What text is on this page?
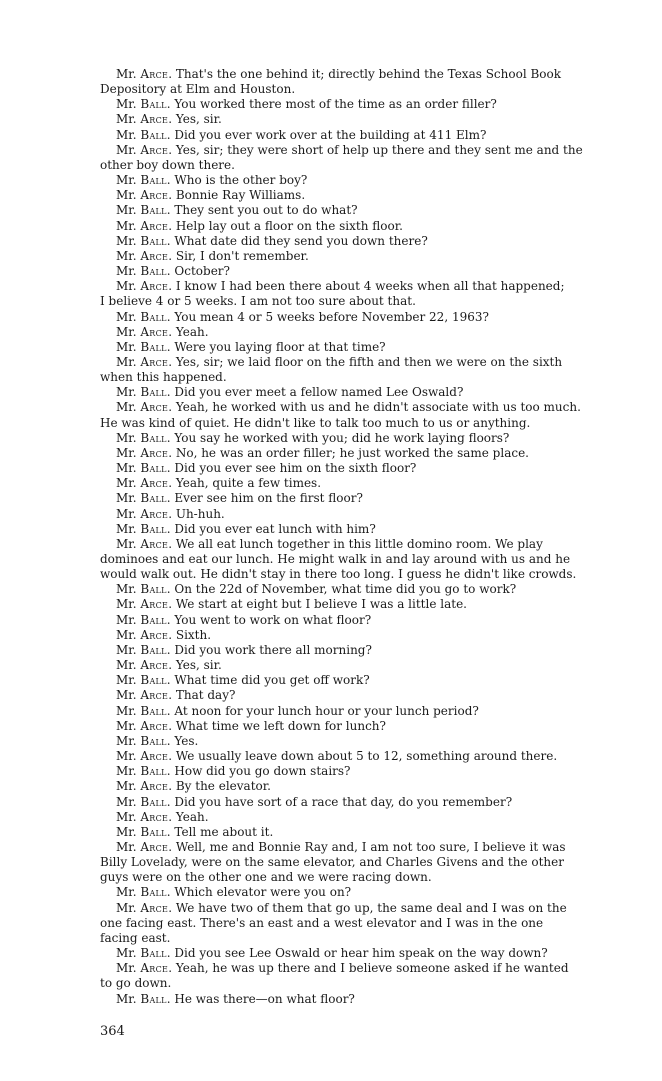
Mr. Arce. That's the one behind it; directly behind the Texas School Book
Depository at Elm and Houston.
Mr. Ball. You worked there most of the time as an order filler?
Mr. Arce. Yes, sir.
Mr. Ball. Did you ever work over at the building at 411 Elm?
Mr. Arce. Yes, sir; they were short of help up there and they sent me and the
other boy down there.
Mr. Ball. Who is the other boy?
Mr. Arce. Bonnie Ray Williams.
Mr. Ball. They sent you out to do what?
Mr. Arce. Help lay out a floor on the sixth floor.
Mr. Ball. What date did they send you down there?
Mr. Arce. Sir, I don't remember.
Mr. Ball. October?
Mr. Arce. I know I had been there about 4 weeks when all that happened;
I believe 4 or 5 weeks. I am not too sure about that.
Mr. Ball. You mean 4 or 5 weeks before November 22, 1963?
Mr. Arce. Yeah.
Mr. Ball. Were you laying floor at that time?
Mr. Arce. Yes, sir; we laid floor on the fifth and then we were on the sixth
when this happened.
Mr. Ball. Did you ever meet a fellow named Lee Oswald?
Mr. Arce. Yeah, he worked with us and he didn't associate with us too much.
He was kind of quiet. He didn't like to talk too much to us or anything.
Mr. Ball. You say he worked with you; did he work laying floors?
Mr. Arce. No, he was an order filler; he just worked the same place.
Mr. Ball. Did you ever see him on the sixth floor?
Mr. Arce. Yeah, quite a few times.
Mr. Ball. Ever see him on the first floor?
Mr. Arce. Uh-huh.
Mr. Ball. Did you ever eat lunch with him?
Mr. Arce. We all eat lunch together in this little domino room. We play
dominoes and eat our lunch. He might walk in and lay around with us and he
would walk out. He didn't stay in there too long. I guess he didn't like crowds.
Mr. Ball. On the 22d of November, what time did you go to work?
Mr. Arce. We start at eight but I believe I was a little late.
Mr. Ball. You went to work on what floor?
Mr. Arce. Sixth.
Mr. Ball. Did you work there all morning?
Mr. Arce. Yes, sir.
Mr. Ball. What time did you get off work?
Mr. Arce. That day?
Mr. Ball. At noon for your lunch hour or your lunch period?
Mr. Arce. What time we left down for lunch?
Mr. Ball. Yes.
Mr. Arce. We usually leave down about 5 to 12, something around there.
Mr. Ball. How did you go down stairs?
Mr. Arce. By the elevator.
Mr. Ball. Did you have sort of a race that day, do you remember?
Mr. Arce. Yeah.
Mr. Ball. Tell me about it.
Mr. Arce. Well, me and Bonnie Ray and, I am not too sure, I believe it was
Billy Lovelady, were on the same elevator, and Charles Givens and the other
guys were on the other one and we were racing down.
Mr. Ball. Which elevator were you on?
Mr. Arce. We have two of them that go up, the same deal and I was on the
one facing east. There's an east and a west elevator and I was in the one
facing east.
Mr. Ball. Did you see Lee Oswald or hear him speak on the way down?
Mr. Arce. Yeah, he was up there and I believe someone asked if he wanted
to go down.
Mr. Ball. He was there—on what floor?
364
